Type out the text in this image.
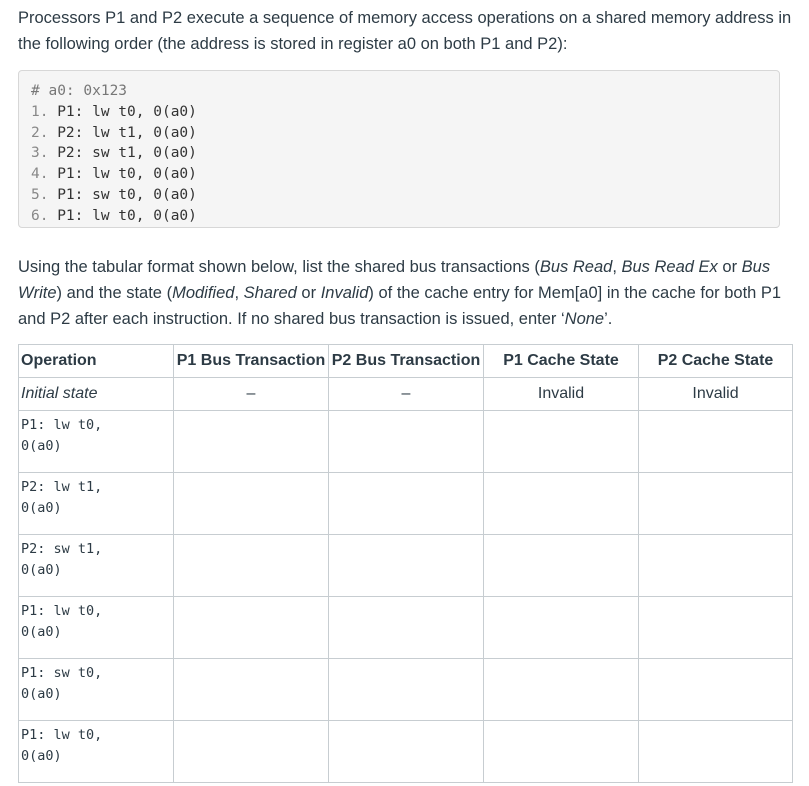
Processors P1 and P2 execute a sequence of memory access operations on a shared memory address in the following order (the address is stored in register a0 on both P1 and P2):

# a0: 0x123
1. P1: lw t0, 0(a0)
2. P2: lw t1, 0(a0)
3. P2: sw t1, 0(a0)
4. P1: lw t0, 0(a0)
5. P1: sw t0, 0(a0)
6. P1: lw t0, 0(a0)

Using the tabular format shown below, list the shared bus transactions (Bus Read, Bus Read Ex or Bus Write) and the state (Modified, Shared or Invalid) of the cache entry for Mem[a0] in the cache for both P1 and P2 after each instruction. If no shared bus transaction is issued, enter ‘None’.

Operation	P1 Bus Transaction	P2 Bus Transaction	P1 Cache State	P2 Cache State
Initial state	–	–	Invalid	Invalid

P1: lw t0,
0(a0)				

P2: lw t1,
0(a0)				

P2: sw t1,
0(a0)				

P1: lw t0,
0(a0)				

P1: sw t0,
0(a0)				

P1: lw t0,
0(a0)				
